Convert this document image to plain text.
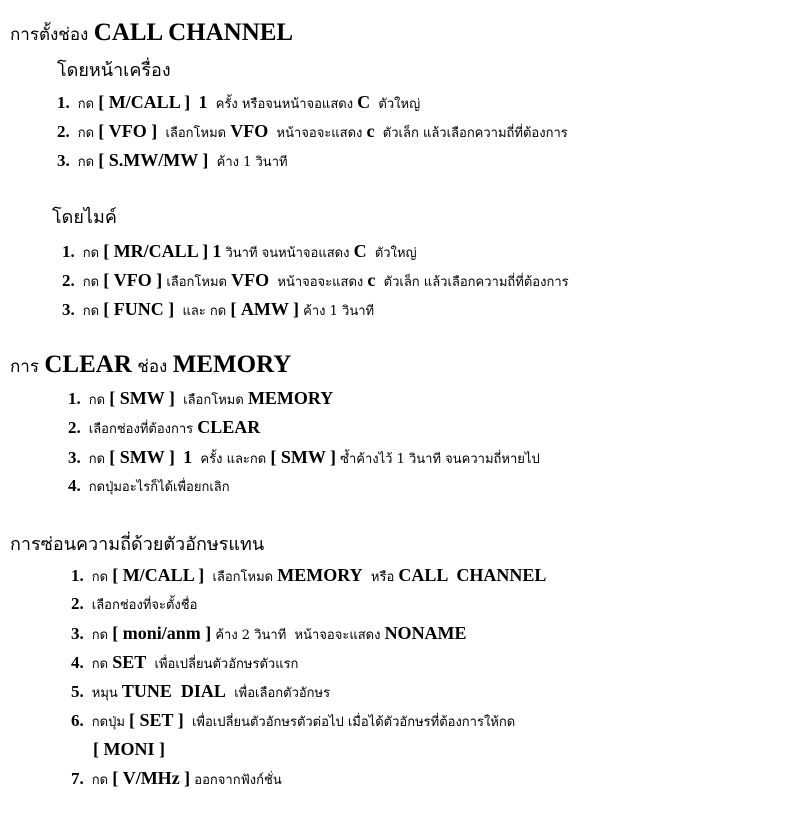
การตั้งช่อง CALL CHANNEL
โดยหน้าเครื่อง
1. กด [ M/CALL ] 1  ครั้ง หรือจนหน้าจอแสดง C  ตัวใหญ่
2. กด [ VFO ]  เลือกโหมด VFO  หน้าจอจะแสดง c  ตัวเล็ก แล้วเลือกความถี่ที่ต้องการ
3. กด [ S.MW/MW ]  ค้าง 1 วินาที
โดยไมค์
1. กด [ MR/CALL ] 1 วินาที จนหน้าจอแสดง C  ตัวใหญ่
2. กด [ VFO ] เลือกโหมด VFO  หน้าจอจะแสดง c  ตัวเล็ก แล้วเลือกความถี่ที่ต้องการ
3. กด [ FUNC ]  และ กด [ AMW ] ค้าง 1 วินาที
การ CLEAR ช่อง MEMORY
1. กด [ SMW ]  เลือกโหมด MEMORY
2. เลือกช่องที่ต้องการ CLEAR
3. กด [ SMW ] 1  ครั้ง และกด [ SMW ] ซ้ำค้างไว้ 1 วินาที จนความถี่หายไป
4. กดปุ่มอะไรก็ได้เพื่อยกเลิก
การซ่อนความถี่ด้วยตัวอักษรแทน
1. กด [ M/CALL ]  เลือกโหมด MEMORY  หรือ CALL  CHANNEL
2. เลือกช่องที่จะตั้งชื่อ
3. กด [ moni/anm ] ค้าง 2 วินาที  หน้าจอจะแสดง NONAME
4. กด SET  เพื่อเปลี่ยนตัวอักษรตัวแรก
5. หมุน TUNE  DIAL  เพื่อเลือกตัวอักษร
6. กดปุ่ม [ SET ]  เพื่อเปลี่ยนตัวอักษรตัวต่อไป เมื่อได้ตัวอักษรที่ต้องการให้กด
[ MONI ]
7. กด [ V/MHz ] ออกจากฟังก์ชั่น
